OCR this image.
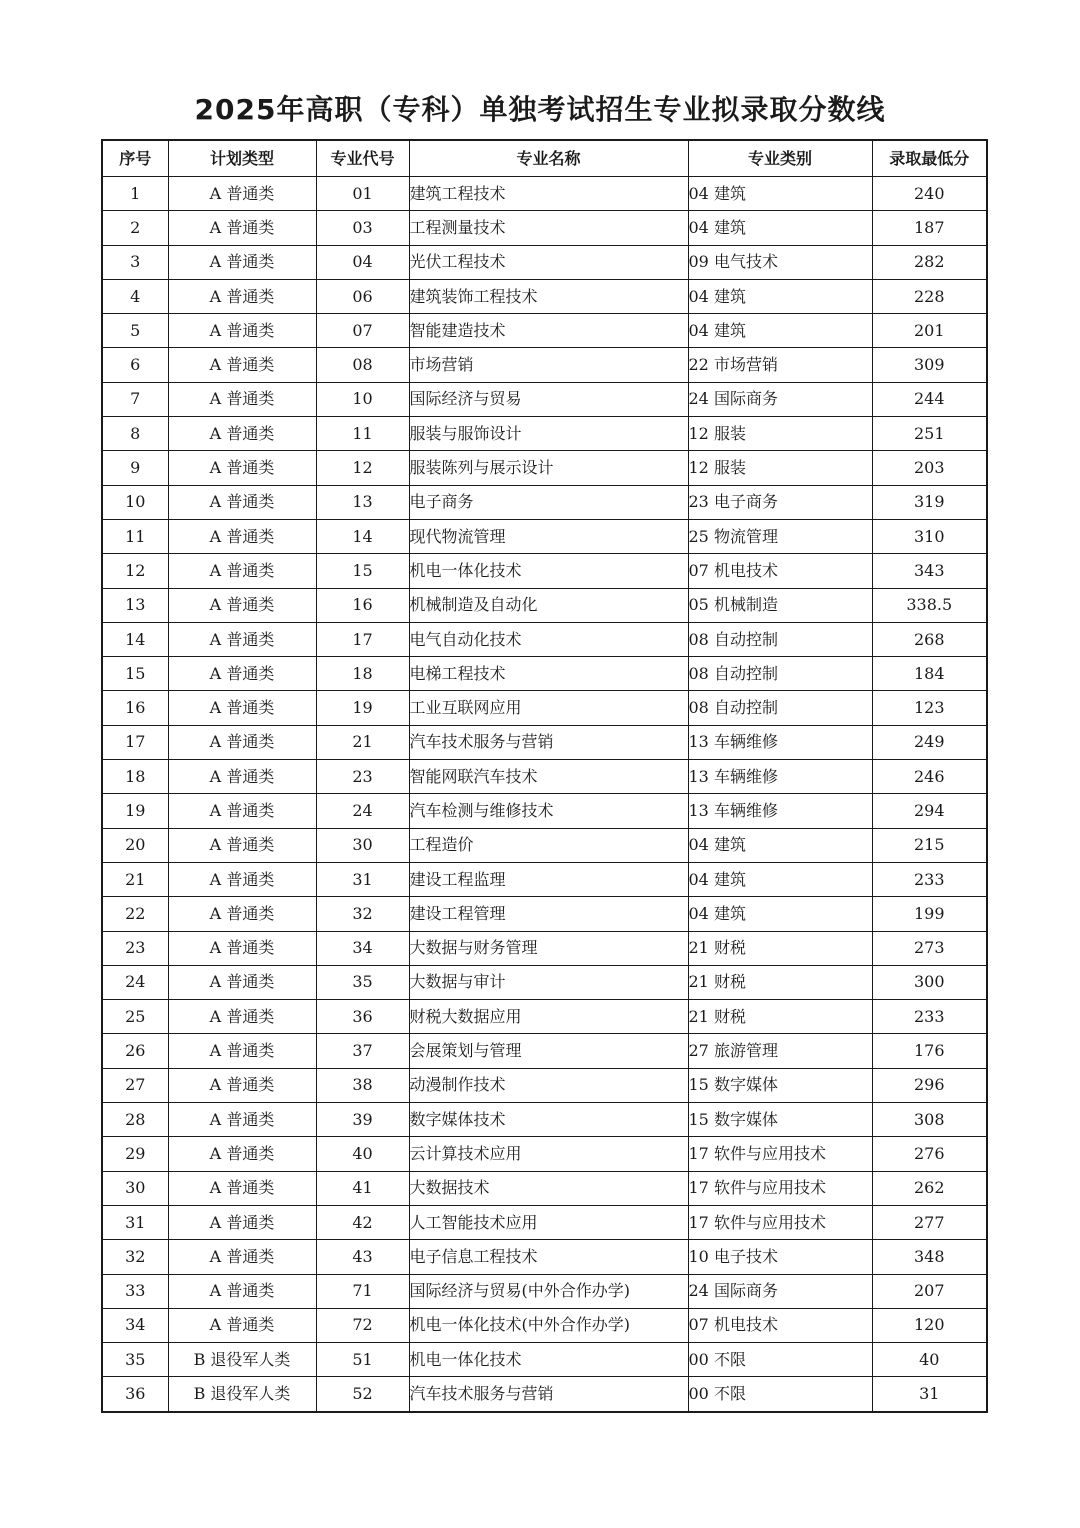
2025年高职（专科）单独考试招生专业拟录取分数线
序号	计划类型	专业代号	专业名称	专业类别	录取最低分
1	A 普通类	01	建筑工程技术	04 建筑	240
2	A 普通类	03	工程测量技术	04 建筑	187
3	A 普通类	04	光伏工程技术	09 电气技术	282
4	A 普通类	06	建筑装饰工程技术	04 建筑	228
5	A 普通类	07	智能建造技术	04 建筑	201
6	A 普通类	08	市场营销	22 市场营销	309
7	A 普通类	10	国际经济与贸易	24 国际商务	244
8	A 普通类	11	服装与服饰设计	12 服装	251
9	A 普通类	12	服装陈列与展示设计	12 服装	203
10	A 普通类	13	电子商务	23 电子商务	319
11	A 普通类	14	现代物流管理	25 物流管理	310
12	A 普通类	15	机电一体化技术	07 机电技术	343
13	A 普通类	16	机械制造及自动化	05 机械制造	338.5
14	A 普通类	17	电气自动化技术	08 自动控制	268
15	A 普通类	18	电梯工程技术	08 自动控制	184
16	A 普通类	19	工业互联网应用	08 自动控制	123
17	A 普通类	21	汽车技术服务与营销	13 车辆维修	249
18	A 普通类	23	智能网联汽车技术	13 车辆维修	246
19	A 普通类	24	汽车检测与维修技术	13 车辆维修	294
20	A 普通类	30	工程造价	04 建筑	215
21	A 普通类	31	建设工程监理	04 建筑	233
22	A 普通类	32	建设工程管理	04 建筑	199
23	A 普通类	34	大数据与财务管理	21 财税	273
24	A 普通类	35	大数据与审计	21 财税	300
25	A 普通类	36	财税大数据应用	21 财税	233
26	A 普通类	37	会展策划与管理	27 旅游管理	176
27	A 普通类	38	动漫制作技术	15 数字媒体	296
28	A 普通类	39	数字媒体技术	15 数字媒体	308
29	A 普通类	40	云计算技术应用	17 软件与应用技术	276
30	A 普通类	41	大数据技术	17 软件与应用技术	262
31	A 普通类	42	人工智能技术应用	17 软件与应用技术	277
32	A 普通类	43	电子信息工程技术	10 电子技术	348
33	A 普通类	71	国际经济与贸易(中外合作办学)	24 国际商务	207
34	A 普通类	72	机电一体化技术(中外合作办学)	07 机电技术	120
35	B 退役军人类	51	机电一体化技术	00 不限	40
36	B 退役军人类	52	汽车技术服务与营销	00 不限	31
